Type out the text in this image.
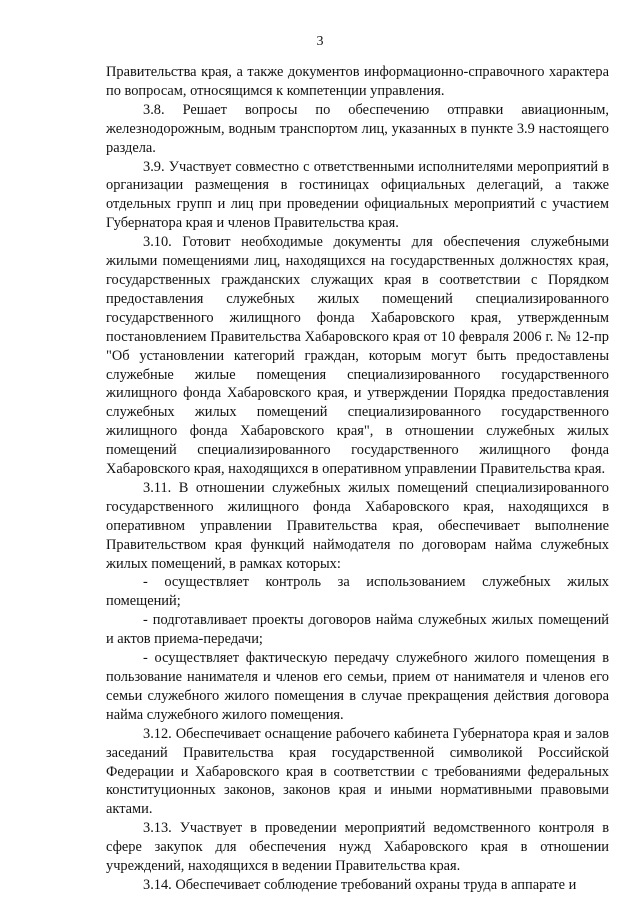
3

Правительства края, а также документов информационно-справочного характера по вопросам, относящимся к компетенции управления.

3.8. Решает вопросы по обеспечению отправки авиационным, железнодорожным, водным транспортом лиц, указанных в пункте 3.9 настоящего раздела.

3.9. Участвует совместно с ответственными исполнителями мероприятий в организации размещения в гостиницах официальных делегаций, а также отдельных групп и лиц при проведении официальных мероприятий с участием Губернатора края и членов Правительства края.

3.10. Готовит необходимые документы для обеспечения служебными жилыми помещениями лиц, находящихся на государственных должностях края, государственных гражданских служащих края в соответствии с Порядком предоставления служебных жилых помещений специализированного государственного жилищного фонда Хабаровского края, утвержденным постановлением Правительства Хабаровского края от 10 февраля 2006 г. № 12-пр "Об установлении категорий граждан, которым могут быть предоставлены служебные жилые помещения специализированного государственного жилищного фонда Хабаровского края, и утверждении Порядка предоставления служебных жилых помещений специализированного государственного жилищного фонда Хабаровского края", в отношении служебных жилых помещений специализированного государственного жилищного фонда Хабаровского края, находящихся в оперативном управлении Правительства края.

3.11. В отношении служебных жилых помещений специализированного государственного жилищного фонда Хабаровского края, находящихся в оперативном управлении Правительства края, обеспечивает выполнение Правительством края функций наймодателя по договорам найма служебных жилых помещений, в рамках которых:

- осуществляет контроль за использованием служебных жилых помещений;

- подготавливает проекты договоров найма служебных жилых помещений и актов приема-передачи;

- осуществляет фактическую передачу служебного жилого помещения в пользование нанимателя и членов его семьи, прием от нанимателя и членов его семьи служебного жилого помещения в случае прекращения действия договора найма служебного жилого помещения.

3.12. Обеспечивает оснащение рабочего кабинета Губернатора края и залов заседаний Правительства края государственной символикой Российской Федерации и Хабаровского края в соответствии с требованиями федеральных конституционных законов, законов края и иными нормативными правовыми актами.

3.13. Участвует в проведении мероприятий ведомственного контроля в сфере закупок для обеспечения нужд Хабаровского края в отношении учреждений, находящихся в ведении Правительства края.

3.14. Обеспечивает соблюдение требований охраны труда в аппарате и
